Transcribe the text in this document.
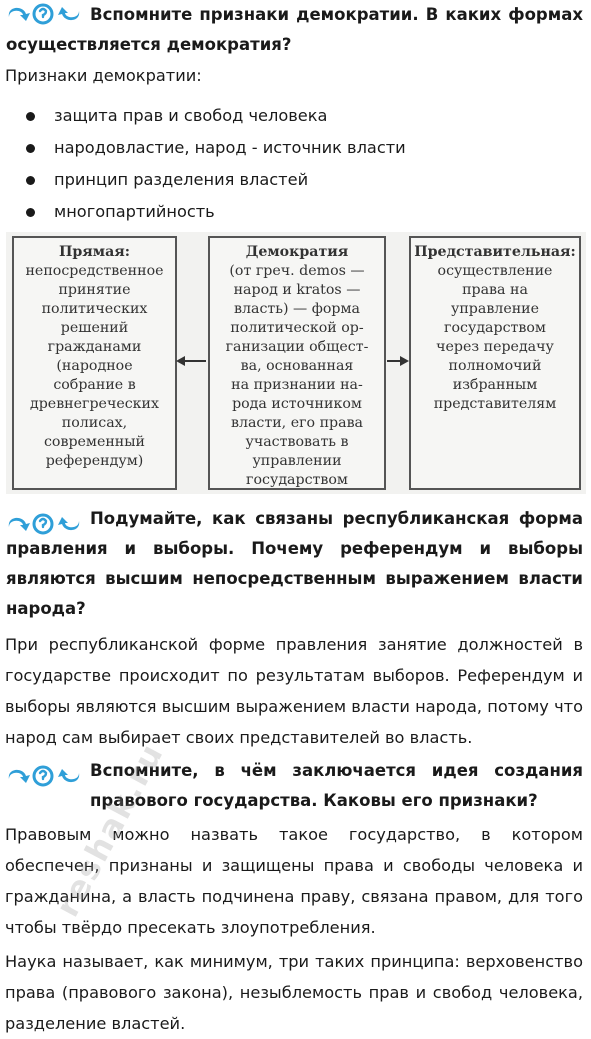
Вспомните признаки демократии. В каких формах осуществляется демократия?
Признаки демократии:
защита прав и свобод человека
народовластие, народ - источник власти
принцип разделения властей
многопартийность
Прямая:
непосредственное
принятие
политических
решений
гражданами
(народное
собрание в
древнегреческих
полисах,
современный
референдум)
Демократия
(от греч. demos —
народ и kratos —
власть) — форма
политической ор-
ганизации общест-
ва, основанная
на признании на-
рода источником
власти, его права
участвовать в
управлении
государством
Представительная:
осуществление
права на
управление
государством
через передачу
полномочий
избранным
представителям
Подумайте, как связаны республиканская форма правления и выборы. Почему референдум и выборы являются высшим непосредственным выражением власти народа?
При республиканской форме правления занятие должностей в государстве происходит по результатам выборов. Референдум и выборы являются высшим выражением власти народа, потому что народ сам выбирает своих представителей во власть.
Вспомните, в чём заключается идея создания правового государства. Каковы его признаки?
Правовым можно назвать такое государство, в котором обеспечен, признаны и защищены права и свободы человека и гражданина, а власть подчинена праву, связана правом, для того чтобы твёрдо пресекать злоупотребления.
Наука называет, как минимум, три таких принципа: верховенство права (правового закона), незыблемость прав и свобод человека, разделение властей.
reshak.ru
